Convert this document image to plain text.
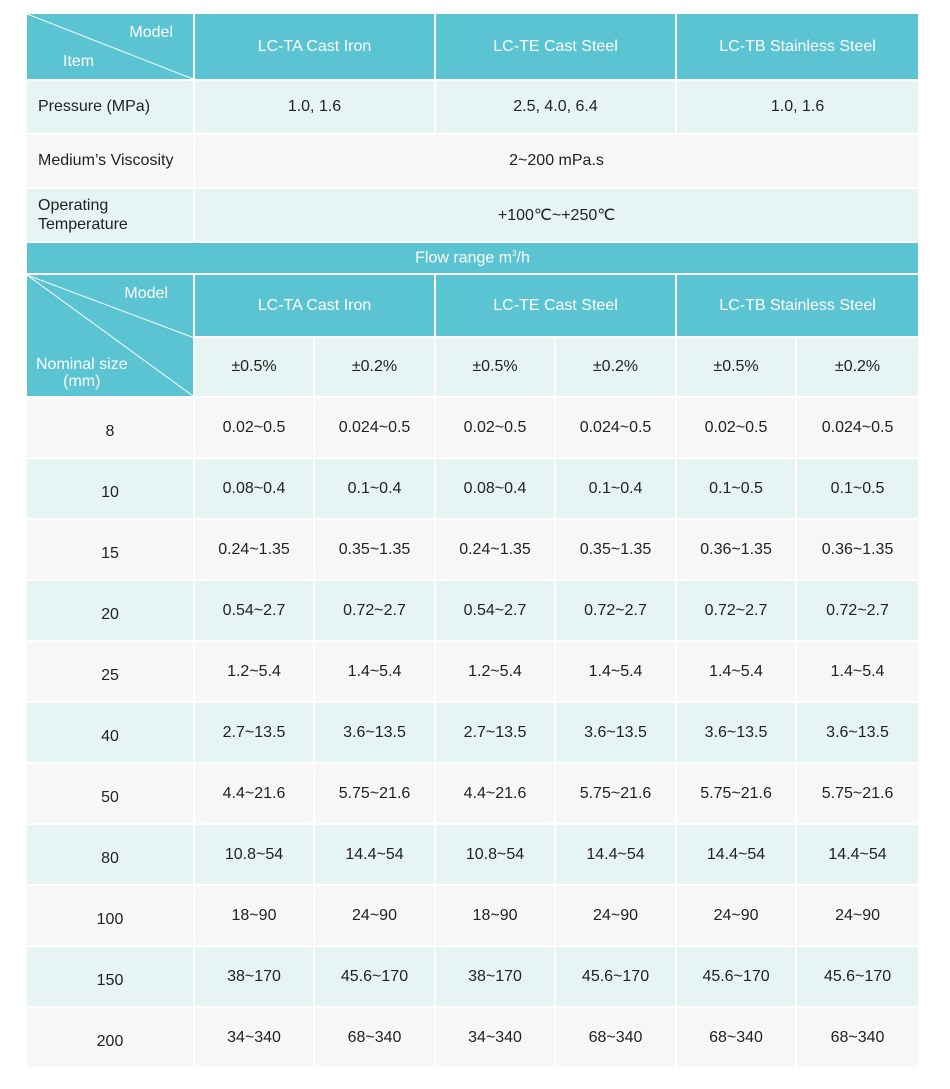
Model
Item	LC-TA Cast Iron		LC-TE Cast Steel		LC-TB Stainless Steel	
Pressure (MPa)	1.0, 1.6		2.5, 4.0, 6.4		1.0, 1.6	
Medium’s Viscosity	2~200 mPa.s					
Operating
Temperature	+100℃~+250℃					
Flow range $m^3/h$						

Model
Nominal size
(mm)	LC-TA Cast Iron		LC-TE Cast Steel		LC-TB Stainless Steel	
	±0.5%	±0.2%	±0.5%	±0.2%	±0.5%	±0.2%
8	0.02~0.5	0.024~0.5	0.02~0.5	0.024~0.5	0.02~0.5	0.024~0.5
10	0.08~0.4	0.1~0.4	0.08~0.4	0.1~0.4	0.1~0.5	0.1~0.5
15	0.24~1.35	0.35~1.35	0.24~1.35	0.35~1.35	0.36~1.35	0.36~1.35
20	0.54~2.7	0.72~2.7	0.54~2.7	0.72~2.7	0.72~2.7	0.72~2.7
25	1.2~5.4	1.4~5.4	1.2~5.4	1.4~5.4	1.4~5.4	1.4~5.4
40	2.7~13.5	3.6~13.5	2.7~13.5	3.6~13.5	3.6~13.5	3.6~13.5
50	4.4~21.6	5.75~21.6	4.4~21.6	5.75~21.6	5.75~21.6	5.75~21.6
80	10.8~54	14.4~54	10.8~54	14.4~54	14.4~54	14.4~54
100	18~90	24~90	18~90	24~90	24~90	24~90
150	38~170	45.6~170	38~170	45.6~170	45.6~170	45.6~170
200	34~340	68~340	34~340	68~340	68~340	68~340
